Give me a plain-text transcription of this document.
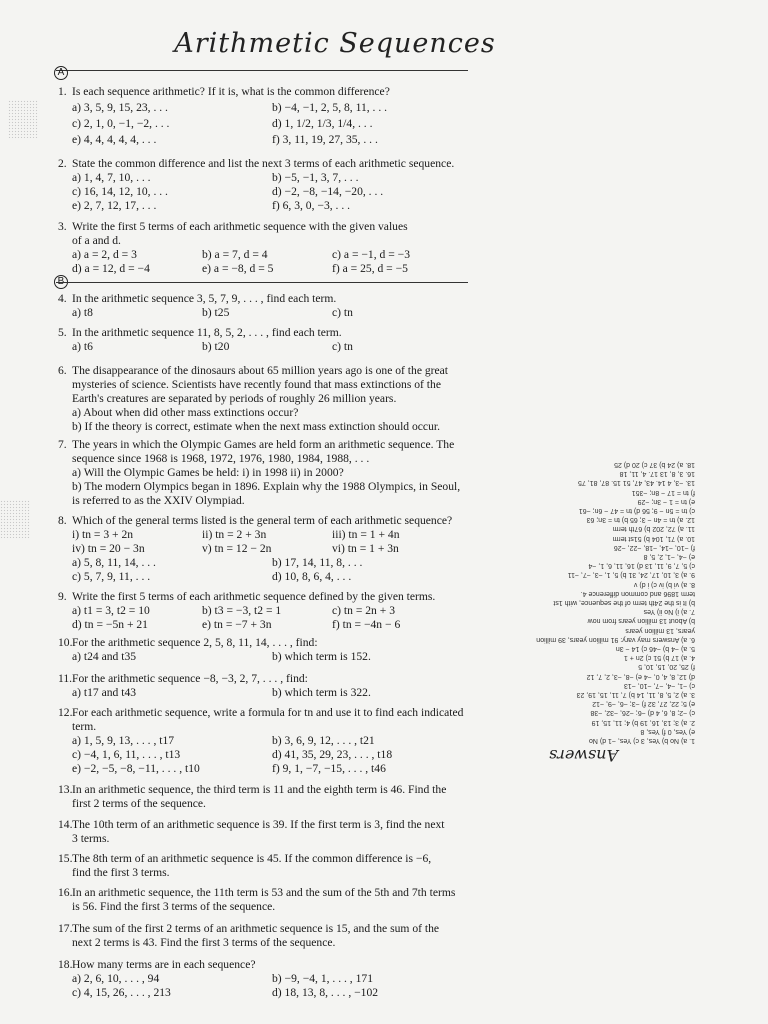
Arithmetic Sequences
A
B
1. Is each sequence arithmetic? If it is, what is the common difference?
a) 3, 5, 9, 15, 23, . . .	b) −4, −1, 2, 5, 8, 11, . . .
c) 2, 1, 0, −1, −2, . . .	d) 1, 1/2, 1/3, 1/4, . . .
e) 4, 4, 4, 4, 4, . . .	f) 3, 11, 19, 27, 35, . . .
2. State the common difference and list the next 3 terms of each arithmetic sequence.
a) 1, 4, 7, 10, . . .	b) −5, −1, 3, 7, . . .
c) 16, 14, 12, 10, . . .	d) −2, −8, −14, −20, . . .
e) 2, 7, 12, 17, . . .	f) 6, 3, 0, −3, . . .
3. Write the first 5 terms of each arithmetic sequence with the given values
of a and d.
a) a = 2, d = 3	b) a = 7, d = 4	c) a = −1, d = −3
d) a = 12, d = −4	e) a = −8, d = 5	f) a = 25, d = −5
4. In the arithmetic sequence 3, 5, 7, 9, . . . , find each term.
a) t8	b) t25	c) tn
5. In the arithmetic sequence 11, 8, 5, 2, . . . , find each term.
a) t6	b) t20	c) tn
6. The disappearance of the dinosaurs about 65 million years ago is one of the great
mysteries of science. Scientists have recently found that mass extinctions of the
Earth's creatures are separated by periods of roughly 26 million years.
a) About when did other mass extinctions occur?
b) If the theory is correct, estimate when the next mass extinction should occur.
7. The years in which the Olympic Games are held form an arithmetic sequence. The
sequence since 1968 is 1968, 1972, 1976, 1980, 1984, 1988, . . .
a) Will the Olympic Games be held: i) in 1998 ii) in 2000?
b) The modern Olympics began in 1896. Explain why the 1988 Olympics, in Seoul,
is referred to as the XXIV Olympiad.
8. Which of the general terms listed is the general term of each arithmetic sequence?
i) tn = 3 + 2n	ii) tn = 2 + 3n	iii) tn = 1 + 4n
iv) tn = 20 − 3n	v) tn = 12 − 2n	vi) tn = 1 + 3n
a) 5, 8, 11, 14, . . .	b) 17, 14, 11, 8, . . .
c) 5, 7, 9, 11, . . .	d) 10, 8, 6, 4, . . .
9. Write the first 5 terms of each arithmetic sequence defined by the given terms.
a) t1 = 3, t2 = 10	b) t3 = −3, t2 = 1	c) tn = 2n + 3
d) tn = −5n + 21	e) tn = −7 + 3n	f) tn = −4n − 6
10.For the arithmetic sequence 2, 5, 8, 11, 14, . . . , find:
a) t24 and t35	b) which term is 152.
11.For the arithmetic sequence −8, −3, 2, 7, . . . , find:
a) t17 and t43	b) which term is 322.
12.For each arithmetic sequence, write a formula for tn and use it to find each indicated
term.
a) 1, 5, 9, 13, . . . , t17	b) 3, 6, 9, 12, . . . , t21
c) −4, 1, 6, 11, . . . , t13	d) 41, 35, 29, 23, . . . , t18
e) −2, −5, −8, −11, . . . , t10	f) 9, 1, −7, −15, . . . , t46
13.In an arithmetic sequence, the third term is 11 and the eighth term is 46. Find the
first 2 terms of the sequence.
14.The 10th term of an arithmetic sequence is 39. If the first term is 3, find the next
3 terms.
15.The 8th term of an arithmetic sequence is 45. If the common difference is −6,
find the first 3 terms.
16.In an arithmetic sequence, the 11th term is 53 and the sum of the 5th and 7th terms
is 56. Find the first 3 terms of the sequence.
17.The sum of the first 2 terms of an arithmetic sequence is 15, and the sum of the
next 2 terms is 43. Find the first 3 terms of the sequence.
18.How many terms are in each sequence?
a) 2, 6, 10, . . . , 94	b) −9, −4, 1, . . . , 171
c) 4, 15, 26, . . . , 213	d) 18, 13, 8, . . . , −102
Answers
1. a) No b) Yes, 3 c) Yes, −1 d) No
e) Yes, 0 f) Yes, 8
2. a) 3; 13, 16, 19 b) 4; 11, 15, 19
c) −2; 8, 6, 4 d) −6; −26, −32, −38
e) 5; 22, 27, 32 f) −3; −6, −9, −12
3. a) 2, 5, 8, 11, 14 b) 7, 11, 15, 19, 23
c) −1, −4, −7, −10, −13
d) 12, 8, 4, 0, −4 e) −8, −3, 2, 7, 12
f) 25, 20, 15, 10, 5
4. a) 17 b) 51 c) 2n + 1
5. a) −4 b) −46 c) 14 − 3n
6. a) Answers may vary: 91 million years, 39 million
years, 13 million years
b) About 13 million years from now
7. a) i) No ii) Yes
b) It is the 24th term of the sequence, with 1st
term 1896 and common difference 4.
8. a) vi b) iv c) i d) v
9. a) 3, 10, 17, 24, 31 b) 5, 1, −3, −7, −11
c) 5, 7, 9, 11, 13 d) 16, 11, 6, 1, −4
e) −4, −1, 2, 5, 8
f) −10, −14, −18, −22, −26
10. a) 71, 104 b) 51st term
11. a) 72, 202 b) 67th term
12. a) tn = 4n − 3; 65 b) tn = 3n; 63
c) tn = 5n − 9; 56 d) tn = 47 − 6n; −61
e) tn = 1 − 3n; −29
f) tn = 17 − 8n; −351
13. −3, 4 14. 43, 47, 51 15. 87, 81, 75
16. 3, 8, 13 17. 4, 11, 18
18. a) 24 b) 37 c) 20 d) 25
